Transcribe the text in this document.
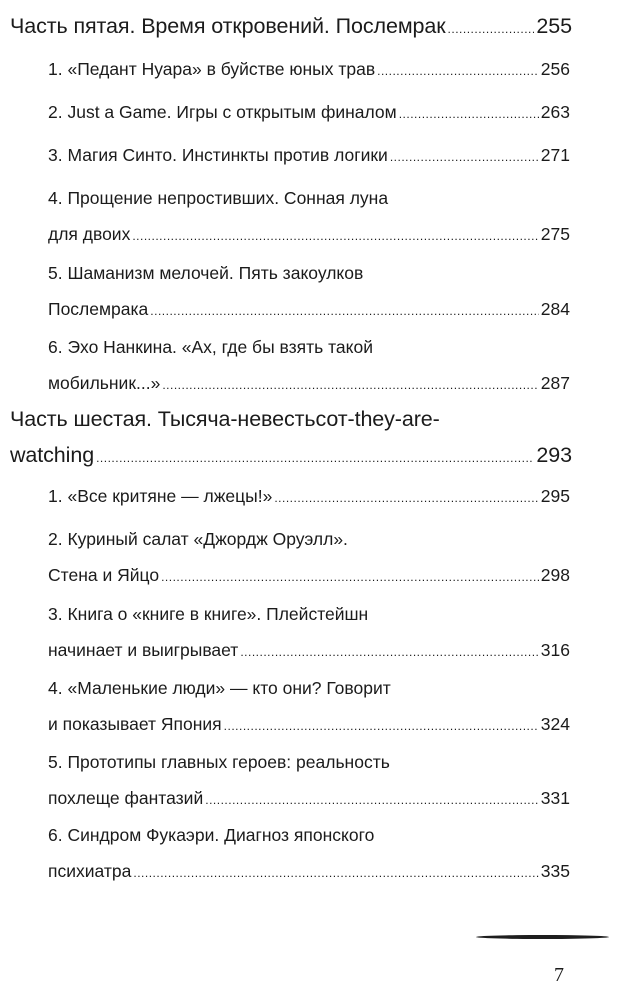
Часть пятая. Время откровений. Послемрак .....	255
1. «Педант Нуара» в буйстве юных трав .....	256
2. Just a Game. Игры с открытым финалом .....	263
3. Магия Синто. Инстинкты против логики .....	271
4. Прощение непростивших. Сонная луна
для двоих .....	275
5. Шаманизм мелочей. Пять закоулков
Послемрака .....	284
6. Эхо Нанкина. «Ах, где бы взять такой
мобильник...» .....	287
Часть шестая. Тысяча-невестьсот-they-are-
watching .....	293
1. «Все критяне — лжецы!» .....	295
2. Куриный салат «Джордж Оруэлл».
Стена и Яйцо .....	298
3. Книга о «книге в книге». Плейстейшн
начинает и выигрывает .....	316
4. «Маленькие люди» — кто они? Говорит
и показывает Япония .....	324
5. Прототипы главных героев: реальность
похлеще фантазий .....	331
6. Синдром Фукаэри. Диагноз японского
психиатра .....	335
7
